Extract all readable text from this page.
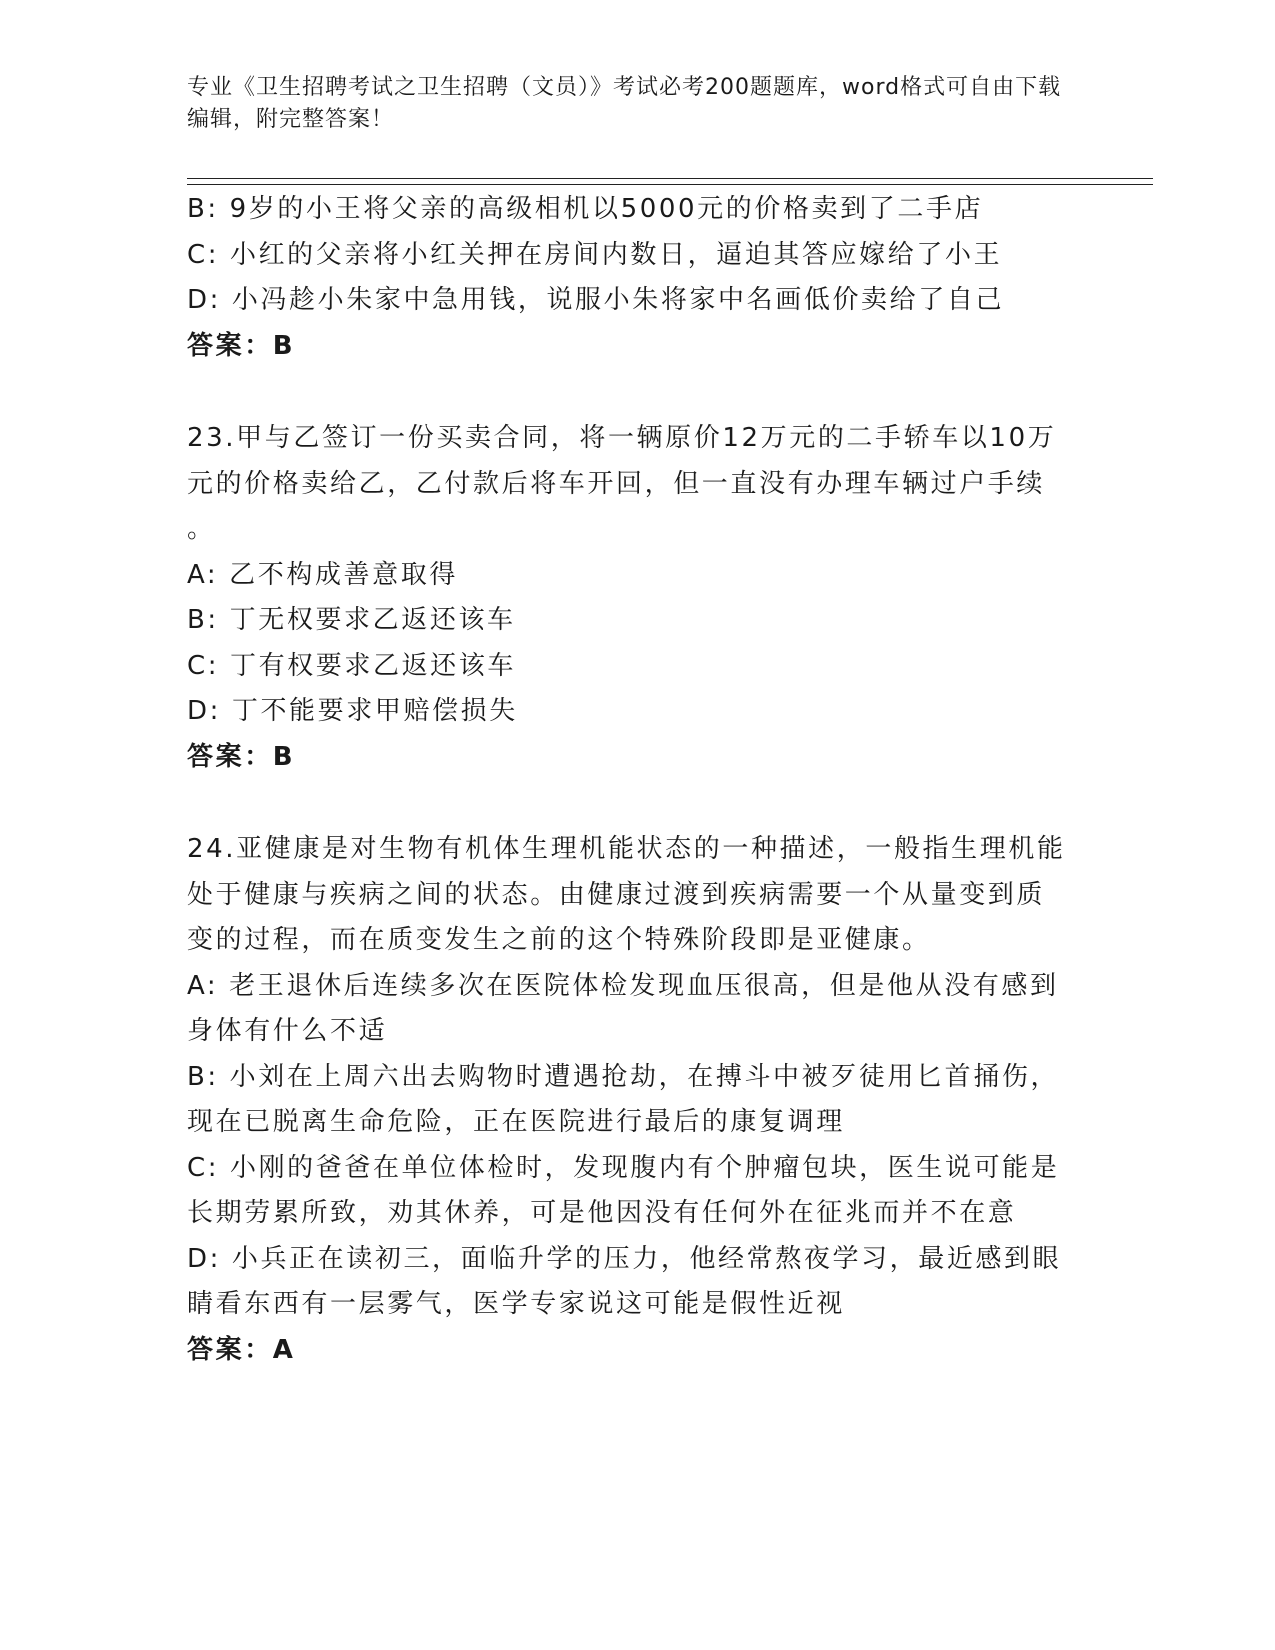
专业《卫生招聘考试之卫生招聘（文员）》考试必考200题题库，word格式可自由下载编辑，附完整答案！

B: 9岁的小王将父亲的高级相机以5000元的价格卖到了二手店

C: 小红的父亲将小红关押在房间内数日，逼迫其答应嫁给了小王

D: 小冯趁小朱家中急用钱，说服小朱将家中名画低价卖给了自己

答案：B

23.甲与乙签订一份买卖合同，将一辆原价12万元的二手轿车以10万

元的价格卖给乙，乙付款后将车开回，但一直没有办理车辆过户手续

。

A: 乙不构成善意取得

B: 丁无权要求乙返还该车

C: 丁有权要求乙返还该车

D: 丁不能要求甲赔偿损失

答案：B

24.亚健康是对生物有机体生理机能状态的一种描述，一般指生理机能

处于健康与疾病之间的状态。由健康过渡到疾病需要一个从量变到质

变的过程，而在质变发生之前的这个特殊阶段即是亚健康。

A: 老王退休后连续多次在医院体检发现血压很高，但是他从没有感到

身体有什么不适

B: 小刘在上周六出去购物时遭遇抢劫，在搏斗中被歹徒用匕首捅伤，

现在已脱离生命危险，正在医院进行最后的康复调理

C: 小刚的爸爸在单位体检时，发现腹内有个肿瘤包块，医生说可能是

长期劳累所致，劝其休养，可是他因没有任何外在征兆而并不在意

D: 小兵正在读初三，面临升学的压力，他经常熬夜学习，最近感到眼

睛看东西有一层雾气，医学专家说这可能是假性近视

答案：A
